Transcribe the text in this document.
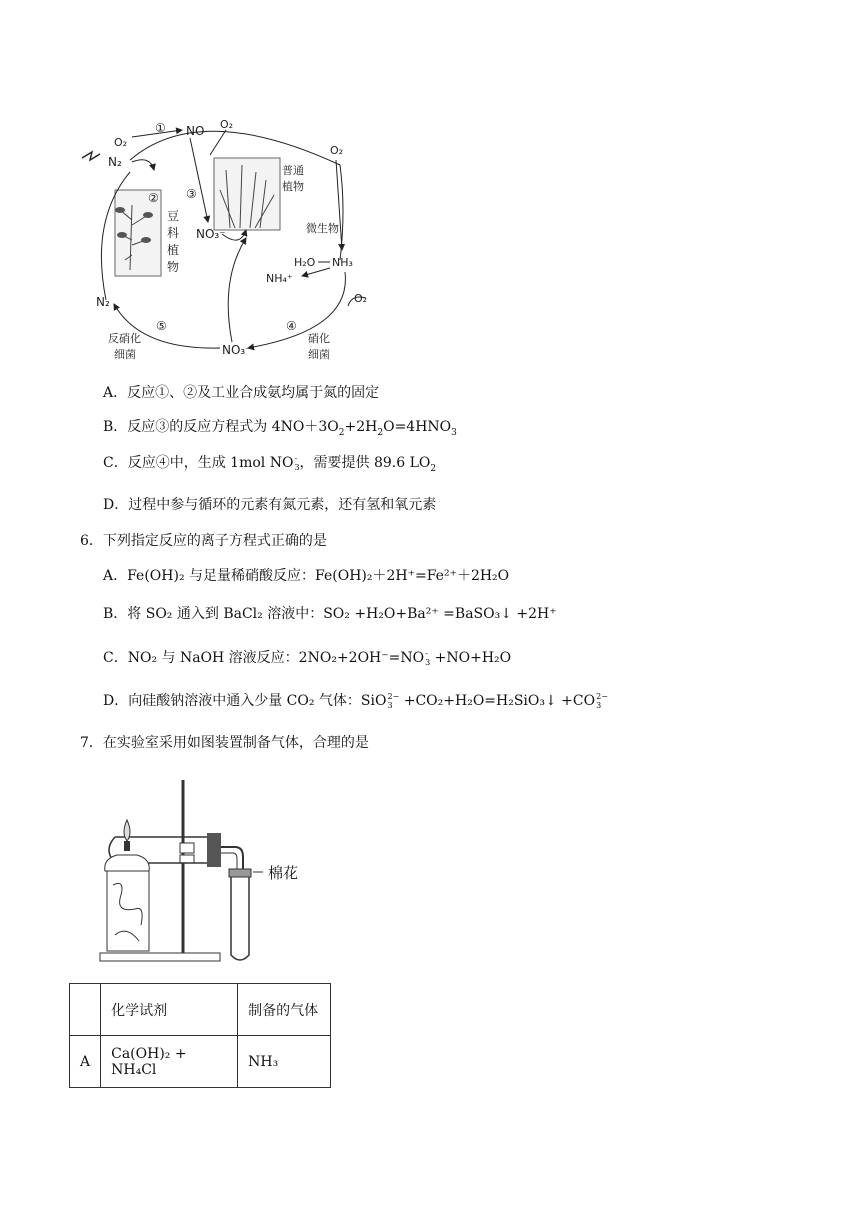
O₂
① NO O₂
N₂
③
②
豆
科
植
物
普通
植物
微生物
NO₃⁻
O₂
H₂O NH₃
NH₄⁺
O₂
N₂
⑤
反硝化
细菌	NO₃⁻
④
硝化
细菌
A．反应①、②及工业合成氨均属于氮的固定
B．反应③的反应方程式为 $4NO+3O_2+2H_2O=4HNO_3$
C．反应④中，生成 1mol NO -
3 ，需要提供 89.6 $LO_2$
D．过程中参与循环的元素有氮元素，还有氢和氧元素
6．下列指定反应的离子方程式正确的是
A．Fe(OH)₂ 与足量稀硝酸反应：Fe(OH)₂＋2H⁺=Fe²⁺＋2H₂O
B．将 SO₂ 通入到 BaCl₂ 溶液中：SO₂ +H₂O+Ba²⁺ =BaSO₃↓ +2H⁺
C．NO₂ 与 NaOH 溶液反应：2NO₂+2OH⁻=NO -
3 +NO+H₂O
D．向硅酸钠溶液中通入少量 CO₂ 气体：SiO 2−
3 +CO₂+H₂O=H₂SiO₃↓ +CO 2−
3
7．在实验室采用如图装置制备气体，合理的是
棉花
	化学试剂	制备的气体
A	Ca(OH)₂ + NH₄Cl	NH₃
